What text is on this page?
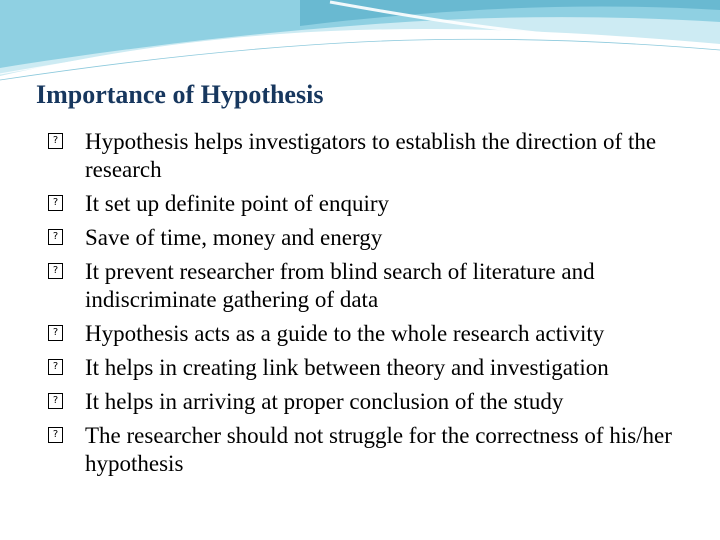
Importance of Hypothesis
? Hypothesis helps investigators to establish the direction of the research
? It set up definite point of enquiry
? Save of time, money and energy
? It prevent researcher from blind search of literature and indiscriminate gathering of data
? Hypothesis acts as a guide to the whole research activity
? It helps in creating link between theory and investigation
? It helps in arriving at proper conclusion of the study
? The researcher should not struggle for the correctness of his/her hypothesis
